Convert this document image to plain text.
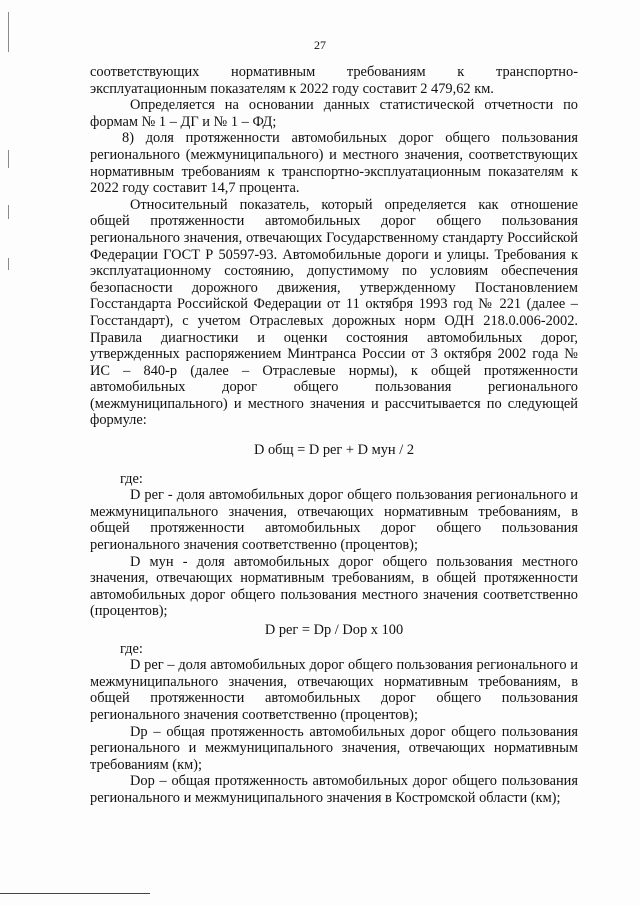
27

соответствующих нормативным требованиям к транспортно-эксплуатационным показателям к 2022 году составит 2 479,62 км.

Определяется на основании данных статистической отчетности по формам № 1 – ДГ и № 1 – ФД;

8) доля протяженности автомобильных дорог общего пользования регионального (межмуниципального) и местного значения, соответствующих нормативным требованиям к транспортно-эксплуатационным показателям к 2022 году составит 14,7 процента.

Относительный показатель, который определяется как отношение общей протяженности автомобильных дорог общего пользования регионального значения, отвечающих Государственному стандарту Российской Федерации ГОСТ Р 50597-93. Автомобильные дороги и улицы. Требования к эксплуатационному состоянию, допустимому по условиям обеспечения безопасности дорожного движения, утвержденному Постановлением Госстандарта Российской Федерации от 11 октября 1993 год № 221 (далее – Госстандарт), с учетом Отраслевых дорожных норм ОДН 218.0.006-2002. Правила диагностики и оценки состояния автомобильных дорог, утвержденных распоряжением Минтранса России от 3 октября 2002 года № ИС – 840-р (далее – Отраслевые нормы), к общей протяженности автомобильных дорог общего пользования регионального (межмуниципального) и местного значения и рассчитывается по следующей формуле:

D общ = D рег + D мун / 2

где:

D рег - доля автомобильных дорог общего пользования регионального и межмуниципального значения, отвечающих нормативным требованиям, в общей протяженности автомобильных дорог общего пользования регионального значения соответственно (процентов);

D мун - доля автомобильных дорог общего пользования местного значения, отвечающих нормативным требованиям, в общей протяженности автомобильных дорог общего пользования местного значения соответственно (процентов);

D рег = Dр / Dор х 100

где:

D рег – доля автомобильных дорог общего пользования регионального и межмуниципального значения, отвечающих нормативным требованиям, в общей протяженности автомобильных дорог общего пользования регионального значения соответственно (процентов);

Dр – общая протяженность автомобильных дорог общего пользования регионального и межмуниципального значения, отвечающих нормативным требованиям (км);

Dор – общая протяженность автомобильных дорог общего пользования регионального и межмуниципального значения в Костромской области (км);
